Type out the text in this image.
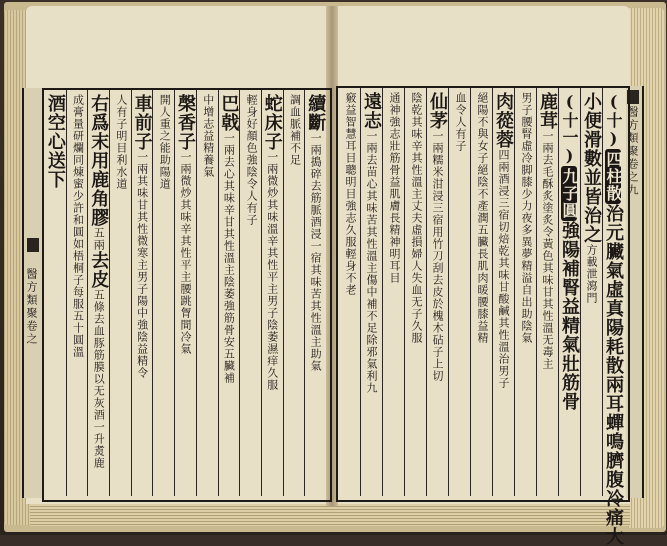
醫方類聚卷之
醫方類聚卷之九
續斷一兩搗碎去筋脈酒浸一宿其味苦其性溫主助氣
調血脈補不足
蛇床子一兩微炒其味溫辛其性平主男子陰萎濕痒久服
輕身好顏色強陰令人有子
巴戟一兩去心其味辛甘其性溫主陰萎強筋骨安五臟補
中增志益精養氣
㯏香子一兩微炒其味辛其性平主腰跳胷間冷氣
開人重之能助陽道
車前子一兩其味甘其性微寒主男子陽中強陰益精令
人有子明目利水道
右爲末用鹿角膠五兩去皮五條去血豚筋膜以无灰酒一升煑鹿
成膏量研爛同煉蜜少許和圓如梧桐子每服五十圓溫
酒空心送下	(十)四柱散治元臟氣虛真陽耗散兩耳蟬鳴臍腹冷痛大
小便滑數並皆治之方載泄瀉門
(十一)九子圓強陽補腎益精氣壯筋骨
鹿茸一兩去毛酥炙塗炙令黃色其味甘其性溫无毒主
男子腰腎虛冷脚膝少力夜多異夢精溢自出助陰氣
肉蓯蓉四兩酒浸三宿切焙乾其味甘酸鹹其性溫治男子
絕陽不與女子絕陰不產潤五臟長肌肉暖腰膝益精
血令人有子
仙茅一兩糯米泔浸三宿用竹刀刮去皮於槐木砧子上切
陰乾其味辛其性溫主丈夫虛損婦人失血无子久服
通神強志壯筋骨益肌膚長精神明耳目
遠志一兩去苗心其味苦其性溫主傷中補不足除邪氣利九
竅益智慧耳目聰明目強志久服輕身不老
